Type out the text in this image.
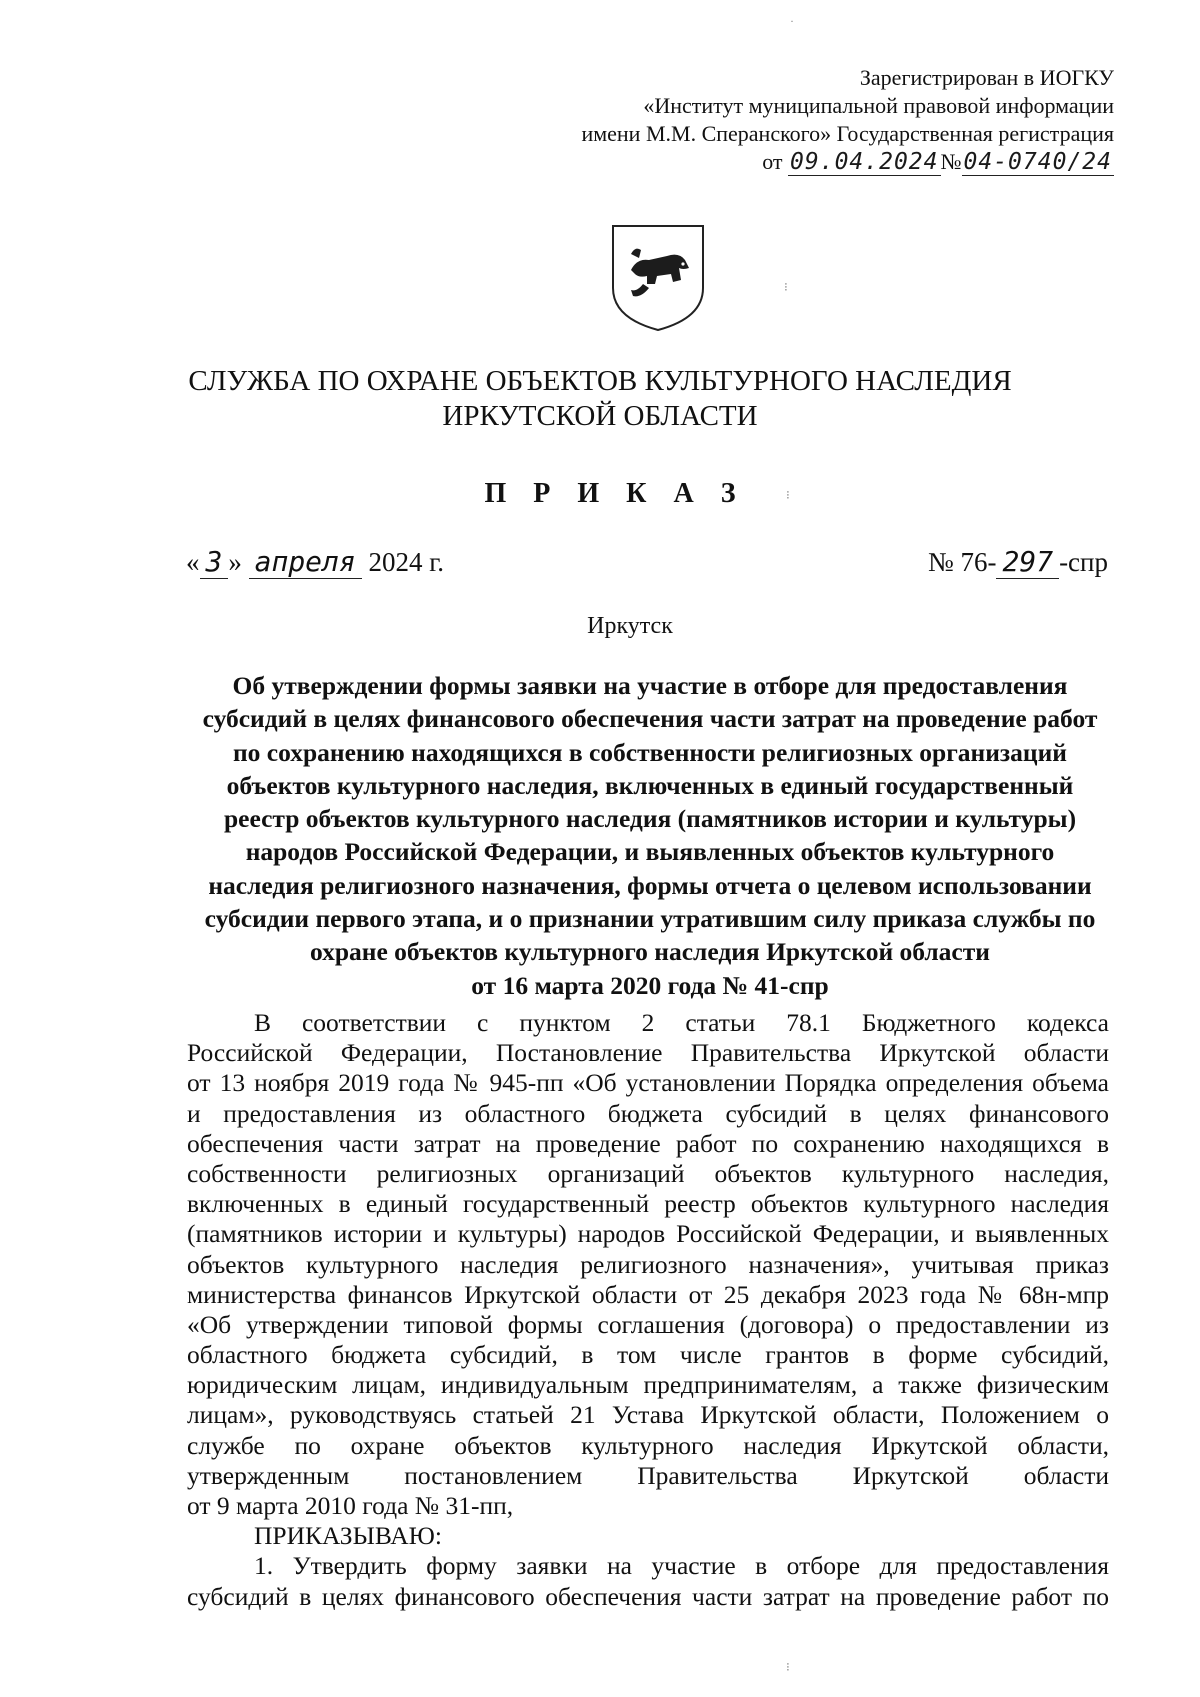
Зарегистрирован в ИОГКУ
«Институт муниципальной правовой информации
имени М.М. Сперанского» Государственная регистрация
от 09.04.2024№04-0740/24
СЛУЖБА ПО ОХРАНЕ ОБЪЕКТОВ КУЛЬТУРНОГО НАСЛЕДИЯ
ИРКУТСКОЙ ОБЛАСТИ
П Р И К А З
« 3 » апреля 2024 г.	№ 76- 297 -спр
Иркутск
Об утверждении формы заявки на участие в отборе для предоставления
субсидий в целях финансового обеспечения части затрат на проведение работ
по сохранению находящихся в собственности религиозных организаций
объектов культурного наследия, включенных в единый государственный
реестр объектов культурного наследия (памятников истории и культуры)
народов Российской Федерации, и выявленных объектов культурного
наследия религиозного назначения, формы отчета о целевом использовании
субсидии первого этапа, и о признании утратившим силу приказа службы по
охране объектов культурного наследия Иркутской области
от 16 марта 2020 года № 41-спр
В соответствии с пунктом 2 статьи 78.1 Бюджетного кодекса
Российской Федерации, Постановление Правительства Иркутской области
от 13 ноября 2019 года № 945-пп «Об установлении Порядка определения объема
и предоставления из областного бюджета субсидий в целях финансового
обеспечения части затрат на проведение работ по сохранению находящихся в
собственности религиозных организаций объектов культурного наследия,
включенных в единый государственный реестр объектов культурного наследия
(памятников истории и культуры) народов Российской Федерации, и выявленных
объектов культурного наследия религиозного назначения», учитывая приказ
министерства финансов Иркутской области от 25 декабря 2023 года № 68н-мпр
«Об утверждении типовой формы соглашения (договора) о предоставлении из
областного бюджета субсидий, в том числе грантов в форме субсидий,
юридическим лицам, индивидуальным предпринимателям, а также физическим
лицам», руководствуясь статьей 21 Устава Иркутской области, Положением о
службе по охране объектов культурного наследия Иркутской области,
утвержденным постановлением Правительства Иркутской области
от 9 марта 2010 года № 31-пп,
ПРИКАЗЫВАЮ:
1. Утвердить форму заявки на участие в отборе для предоставления
субсидий в целях финансового обеспечения части затрат на проведение работ по
·
⁝
⁝
⁝
